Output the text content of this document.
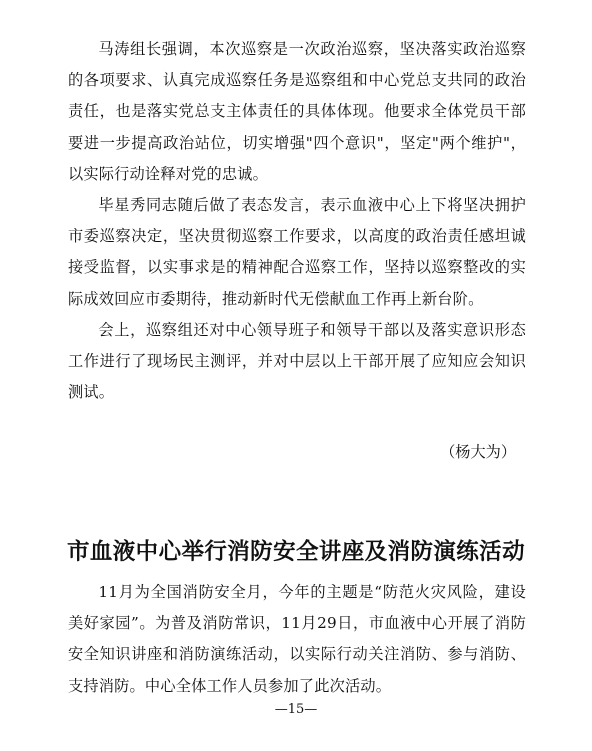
马涛组长强调，本次巡察是一次政治巡察，坚决落实政治巡察的各项要求、认真完成巡察任务是巡察组和中心党总支共同的政治责任，也是落实党总支主体责任的具体体现。他要求全体党员干部要进一步提高政治站位，切实增强"四个意识"，坚定"两个维护"，以实际行动诠释对党的忠诚。

毕星秀同志随后做了表态发言，表示血液中心上下将坚决拥护市委巡察决定，坚决贯彻巡察工作要求，以高度的政治责任感坦诚接受监督，以实事求是的精神配合巡察工作，坚持以巡察整改的实际成效回应市委期待，推动新时代无偿献血工作再上新台阶。

会上，巡察组还对中心领导班子和领导干部以及落实意识形态工作进行了现场民主测评，并对中层以上干部开展了应知应会知识测试。

（杨大为）

市血液中心举行消防安全讲座及消防演练活动

11月为全国消防安全月，今年的主题是“防范火灾风险，建设美好家园”。为普及消防常识，11月29日，市血液中心开展了消防安全知识讲座和消防演练活动，以实际行动关注消防、参与消防、支持消防。中心全体工作人员参加了此次活动。

—15—
